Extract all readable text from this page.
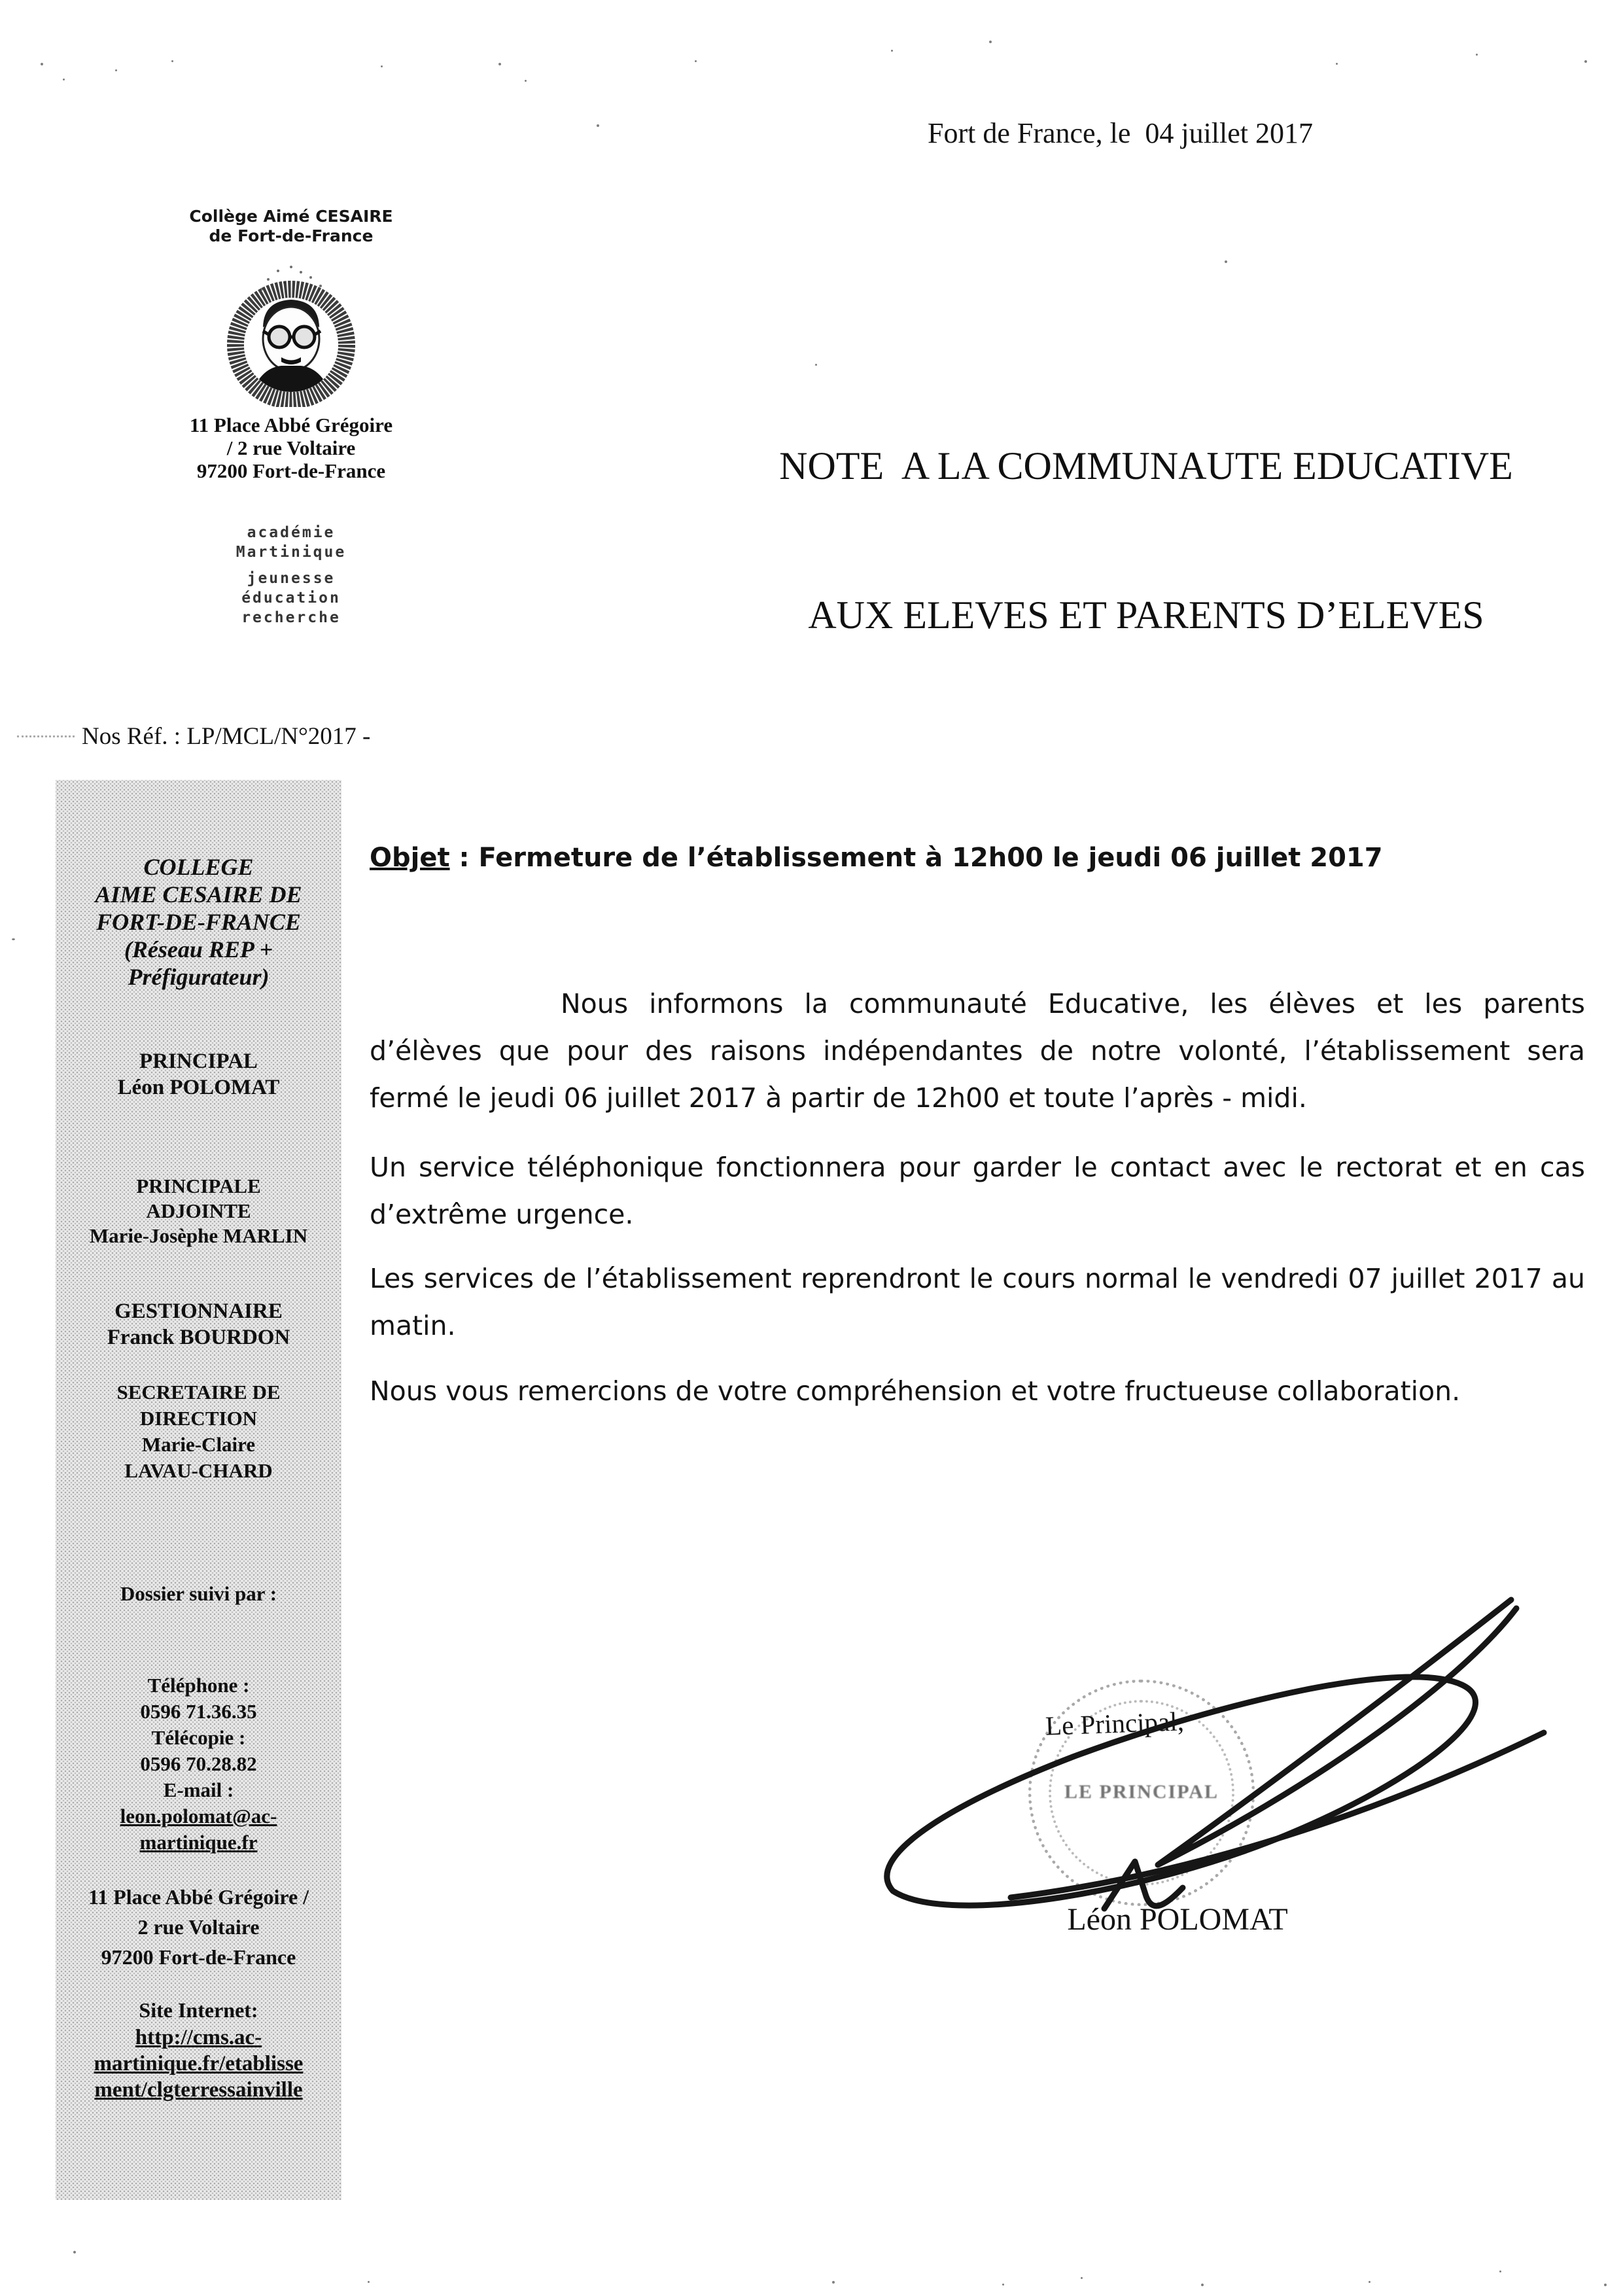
Fort de France, le  04 juillet 2017
Collège Aimé CESAIRE
de Fort-de-France
11 Place Abbé Grégoire
/ 2 rue Voltaire
97200 Fort-de-France
académie
Martinique
jeunesse
éducation
recherche
Nos Réf. : LP/MCL/N°2017 -

NOTE  A LA COMMUNAUTE EDUCATIVE

AUX ELEVES ET PARENTS D’ELEVES

COLLEGE
AIME CESAIRE DE
FORT-DE-FRANCE
(Réseau REP +
Préfigurateur)
PRINCIPAL
Léon POLOMAT
PRINCIPALE
ADJOINTE
Marie-Josèphe MARLIN
GESTIONNAIRE
Franck BOURDON
SECRETAIRE DE
DIRECTION
Marie-Claire
LAVAU-CHARD
Dossier suivi par :
Téléphone :
0596 71.36.35
Télécopie :
0596 70.28.82
E-mail :
leon.polomat@ac-
martinique.fr
11 Place Abbé Grégoire /
2 rue Voltaire
97200 Fort-de-France
Site Internet:
http://cms.ac-
martinique.fr/etablisse
ment/clgterressainville
Objet : Fermeture de l’établissement à 12h00 le jeudi 06 juillet 2017

Nous informons la communauté Educative, les élèves et les parents d’élèves que pour des raisons indépendantes de notre volonté, l’établissement sera fermé le jeudi 06 juillet 2017 à partir de 12h00 et toute l’après - midi.

Un service téléphonique fonctionnera pour garder le contact avec le rectorat et en cas d’extrême urgence.

Les services de l’établissement reprendront le cours normal le vendredi 07 juillet 2017 au matin.

Nous vous remercions de votre compréhension et votre fructueuse collaboration.

LE PRINCIPAL
Le Principal,
Léon POLOMAT
